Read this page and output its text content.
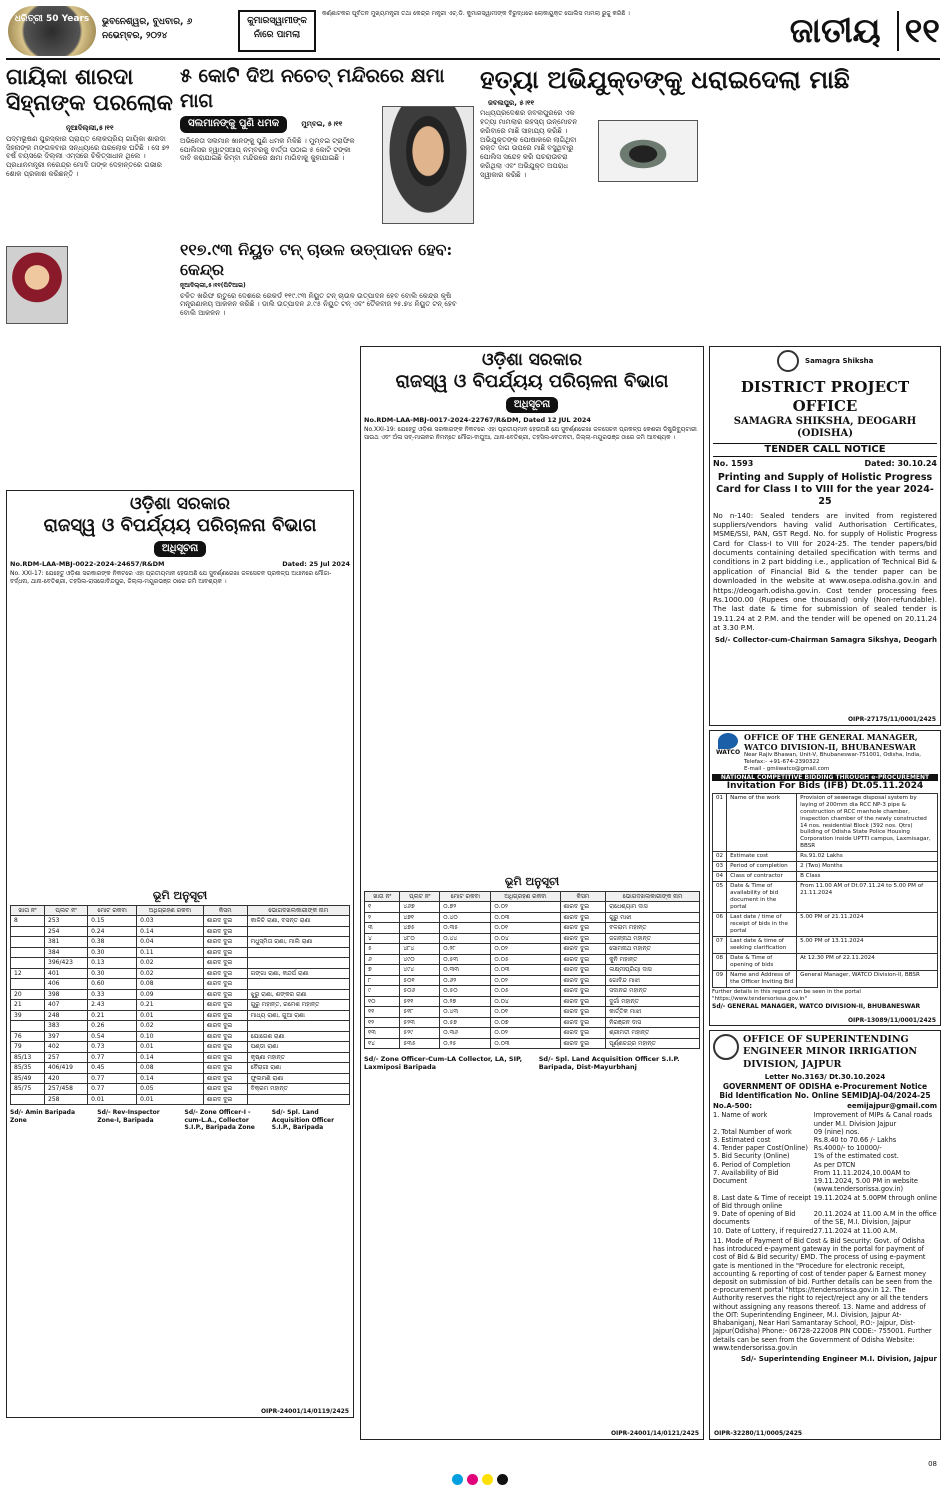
ଧରିତ୍ରୀ 50 Years	ଭୁବନେଶ୍ୱର, ବୁଧବାର, ୬ ନଭେମ୍ବର, ୨୦୨୪
କୁମାରସ୍ୱାମୀଙ୍କ ନାଁରେ ପାମଲା
କର୍ଣ୍ଣାଟକର ପୂର୍ବତନ ମୁଖ୍ୟମନ୍ତ୍ରୀ ତଥା କେନ୍ଦ୍ର ମନ୍ତ୍ରୀ ଏଚ୍.ଡି. କୁମାରସ୍ୱାମୀଙ୍କ ବିରୁଦ୍ଧରେ ଲୋକାୟୁକ୍ତ ପୋଲିସ ମାମଲା ରୁଜୁ କରିଛି ।	ଜାତୀୟ ୧୧
ଗାୟିକା ଶାରଦା ସିହ୍ନାଙ୍କ ପରଲୋକ
ନୂଆଦିଲ୍ଲୀ,୫।୧୧
ପଦ୍ମଭୂଷଣ ପୁରସ୍କାର ପ୍ରାପ୍ତ ଲୋକପ୍ରିୟ ଗାୟିକା ଶାରଦା ସିହ୍ନାଙ୍କ ମଙ୍ଗଳବାର ସନ୍ଧ୍ୟାରେ ପରଲୋକ ଘଟିଛି । ସେ ୭୨ ବର୍ଷ ବୟସରେ ଦିଲ୍ଲୀ ଏମ୍ସରେ ଚିକିତ୍ସାଧୀନ ଥିଲେ । ପ୍ରଧାନମନ୍ତ୍ରୀ ନରେନ୍ଦ୍ର ମୋଦି ତାଙ୍କ ଦେହାନ୍ତରେ ଗଭୀର ଶୋକ ପ୍ରକାଶ କରିଛନ୍ତି ।
୫ କୋଟି ଦିଅ ନଚେତ୍ ମନ୍ଦିରରେ କ୍ଷମା ମାଗ
ସଲମାନଙ୍କୁ ପୁଣି ଧମକ	ମୁମ୍ବଇ, ୫।୧୧
ଅଭିନେତା ସଲମାନ ଖାନଙ୍କୁ ପୁଣି ଧମକ ମିଳିଛି । ମୁମ୍ବଇ ଟ୍ରାଫିକ ପୋଲିସର ହ୍ୱାଟ୍ସଆପ୍ ନମ୍ବରକୁ ବାର୍ତ୍ତା ପଠାଇ ୫ କୋଟି ଟଙ୍କା ଦାବି କରାଯାଇଛି କିମ୍ବା ମନ୍ଦିରରେ କ୍ଷମା ମାଗିବାକୁ କୁହାଯାଇଛି ।
୧୧୭.୯୩ ନିୟୁତ ଟନ୍ ଚାଉଳ ଉତ୍ପାଦନ ହେବ: କେନ୍ଦ୍ର
ନୂଆଦିଲ୍ଲୀ,୫।୧୧(ପିଟିଆଇ)
ଚଳିତ ଖରିଫ ଋତୁରେ ଦେଶରେ ରେକର୍ଡ ୧୧୯.୯୩ ନିୟୁତ ଟନ୍ ଚାଉଳ ଉତ୍ପାଦନ ହେବ ବୋଲି କେନ୍ଦ୍ର କୃଷି ମନ୍ତ୍ରଣାଳୟ ଆକଳନ କରିଛି । ଡାଲି ଉତ୍ପାଦନ ୬.୯୫ ନିୟୁତ ଟନ୍ ଏବଂ ତୈଳବୀଜ ୨୫.୭୪ ନିୟୁତ ଟନ୍ ହେବ ବୋଲି ଆକଳନ ।
ହତ୍ୟା ଅଭିଯୁକ୍ତଙ୍କୁ ଧରାଇଦେଲା ମାଛି
ଜବଲପୁର, ୫।୧୧
ମଧ୍ୟପ୍ରଦେଶର ଜବଲପୁରରେ ଏକ ହତ୍ୟା ମାମଲାର ରହସ୍ୟ ଉନ୍ମୋଚନ କରିବାରେ ମାଛି ସାହାଯ୍ୟ କରିଛି । ଅଭିଯୁକ୍ତଙ୍କ ପୋଷାକରେ ଲାଗିଥିବା ରକ୍ତ ଦାଗ ଉପରେ ମାଛି ବସୁଥିବାରୁ ପୋଲିସ ସନ୍ଦେହ କରି ପଚରାଉଚରା କରିଥିଲା ଏବଂ ଅଭିଯୁକ୍ତ ଅପରାଧ ସ୍ୱୀକାର କରିଛି ।
ଓଡ଼ିଶା ସରକାର
ରାଜସ୍ୱ ଓ ବିପର୍ଯ୍ୟୟ ପରିଚାଳନା ବିଭାଗ
ଅଧିସୂଚନା
No.RDM-LAA-MBJ-0022-2024-24657/R&DM	Dated: 25 Jul 2024
No. XXI-17: ଯେହେତୁ ଓଡ଼ିଶା ସରକାରଙ୍କ ନିକଟରେ ଏହା ପ୍ରତୀୟମାନ ହେଉଅଛି ଯେ ସୁବର୍ଣ୍ଣରେଖା ଜଳସେଚନ ପ୍ରକଳ୍ପ ଅଧୀନରେ ମୌଜା-ବର୍ଦ୍ଧନା, ଥାନା-ବେତିଶ୍ରୀ, ତହସିଲ-ରାସଗୋବିନ୍ଦପୁର, ଜିଲ୍ଲା-ମୟୂରଭଞ୍ଜ ଠାରେ ଜମି ଆବଶ୍ୟକ ।
ଭୂମି ଅନୁସୂଚୀ
ଖାତା ନଂ	ପ୍ଲଟ ନଂ	ମୋଟ ରକବା	ଅଧିଗ୍ରହଣ ରକବା	କିସମ	ଭୋଗଦଖଲକାରୀଙ୍କ ନାମ
8	253	0.15	0.03	ଶାରଦ ଦୁଇ	କାଳିଚି ରାଣା, ବସନ୍ତ ରାଣା
	254	0.24	0.14	ଶାରଦ ଦୁଇ	
	381	0.38	0.04	ଶାରଦ ଦୁଇ	ମଧୁସ୍ମିତା ରାଣା, ମାଲି ରାଣା
	384	0.30	0.11	ଶାରଦ ଦୁଇ	
	396/423	0.13	0.02	ଶାରଦ ଦୁଇ	
12	401	0.30	0.02	ଶାରଦ ଦୁଇ	ଗଙ୍ଗା ରାଣା, କନ୍ଦର୍ପ ରାଣା
	406	0.60	0.08	ଶାରଦ ଦୁଇ	
20	398	0.33	0.09	ଶାରଦ ଦୁଇ	ଝୁରୁ ରାଣା, ଶଙ୍କର ରାଣା
21	407	2.43	0.21	ଶାରଦ ଦୁଇ	ଗୁରୁ ମହାନ୍ତ, ରମେଶ ମହାନ୍ତ
39	248	0.21	0.01	ଶାରଦ ଦୁଇ	ମାଧ୍ୟ ରାଣା, ଗୁଆ ରାଣା
	383	0.26	0.02	ଶାରଦ ଦୁଇ	
76	397	0.54	0.10	ଶାରଦ ଦୁଇ	ଯୋଗେଶ ରାଣା
79	402	0.73	0.01	ଶାରଦ ଦୁଇ	ପଣ୍ଡା ରାଣା
85/13	257	0.77	0.14	ଶାରଦ ଦୁଇ	କୃଷ୍ଣା ମହାନ୍ତ
85/35	406/419	0.45	0.08	ଶାରଦ ଦୁଇ	ବୈରାଗୀ ରାଣା
85/49	420	0.77	0.14	ଶାରଦ ଦୁଇ	ଫୁଲମଣି ରାଣା
85/75	257/458	0.77	0.05	ଶାରଦ ଦୁଇ	ବିକ୍ରମ ମହାନ୍ତ
	258	0.01	0.01	ଶାରଦ ଦୁଇ	
Sd/- Amin Baripada Zone
Sd/- Rev-Inspector Zone-I, Baripada
Sd/- Zone Officer-I -cum-L.A., Collector S.I.P., Baripada Zone
Sd/- Spl. Land Acquisition Officer S.I.P., Baripada
OIPR-24001/14/0119/2425
ଓଡ଼ିଶା ସରକାର
ରାଜସ୍ୱ ଓ ବିପର୍ଯ୍ୟୟ ପରିଚାଳନା ବିଭାଗ
ଅଧିସୂଚନା
No.RDM-LAA-MBJ-0017-2024-22767/R&DM, Dated 12 JUL 2024
No.XXI-19: ଯେହେତୁ ଓଡ଼ିଶା ସରକାରଙ୍କ ନିକଟରେ ଏହା ପ୍ରତୀୟମାନ ହେଉଅଛି ଯେ ସୁବର୍ଣ୍ଣରେଖା ଜଳସେଚନ ପ୍ରକଳ୍ପ କେଶରୀ ଡିଷ୍ଟ୍ରିବ୍ୟୁଟାରୀ ସାଉଥ ଏବଂ ଅଁଳା ସବ୍-ମାଇନର ନିମନ୍ତେ ମୌଜା-ବାଘୁଆ, ଥାନା-ବେତିଶ୍ରୀ, ତହସିଲ-ବେତନଟୀ, ଜିଲ୍ଲା-ମୟୂରଭଞ୍ଜ ଠାରେ ଜମି ଆବଶ୍ୟକ ।
ଭୂମି ଅନୁସୂଚୀ
ଖାତା ନଂ	ପ୍ଲଟ ନଂ	ମୋଟ ରକବା	ଅଧିଗ୍ରହଣ ରକବା	କିସମ	ଭୋଗଦଖଲକାରୀଙ୍କ ନାମ
୧	୪୬୭	୦.୭୨	୦.୦୨	ଶାରଦ ଦୁଇ	ରାଧେଶ୍ୟାମ ଦାସ
୨	୪୭୧	୦.୪୦	୦.୦୩	ଶାରଦ ଦୁଇ	ଗୁରୁ ମାଝୀ
୩	୪୭୫	୦.୩୫	୦.୦୧	ଶାରଦ ଦୁଇ	ବଳରାମ ମହାନ୍ତ
୪	୪୮୦	୦.୪୪	୦.୦୪	ଶାରଦ ଦୁଇ	ଜଗନ୍ନାଥ ମହାନ୍ତ
୫	୪୮୪	୦.୨୮	୦.୦୨	ଶାରଦ ଦୁଇ	ସୋମନାଥ ମହାନ୍ତ
୬	୪୯୦	୦.୫୩	୦.୦୫	ଶାରଦ ଦୁଇ	କୁନି ମହାନ୍ତ
୭	୪୯୪	୦.୩୩	୦.୦୩	ଶାରଦ ଦୁଇ	ଲକ୍ଷ୍ମୀପ୍ରିୟା ଦାସ
୮	୫୦୧	୦.୬୨	୦.୦୨	ଶାରଦ ଦୁଇ	ଗୋବିନ୍ଦ ମାଝୀ
୯	୫୦୬	୦.୫୦	୦.୦୫	ଶାରଦ ଦୁଇ	ସଦାନନ୍ଦ ମହାନ୍ତ
୧୦	୫୧୧	୦.୨୭	୦.୦୪	ଶାରଦ ଦୁଇ	ଦୁର୍ଗା ମହାନ୍ତ
୧୧	୫୧୮	୦.୪୩	୦.୦୧	ଶାରଦ ଦୁଇ	କାର୍ତ୍ତିକ ମାଝୀ
୧୨	୫୨୩	୦.୫୭	୦.୦୭	ଶାରଦ ଦୁଇ	ନିରଞ୍ଜନ ଦାସ
୧୩	୫୨୯	୦.୩୬	୦.୦୨	ଶାରଦ ଦୁଇ	ଶ୍ରୀମତୀ ମହାନ୍ତ
୧୪	୫୩୫	୦.୨୫	୦.୦୩	ଶାରଦ ଦୁଇ	ପୂର୍ଣ୍ଣଚନ୍ଦ୍ର ମହାନ୍ତ
Sd/- Zone Officer-Cum-LA Collector, LA, SIP, Laxmiposi Baripada
Sd/- Spl. Land Acquisition Officer S.I.P. Baripada, Dist-Mayurbhanj
OIPR-24001/14/0121/2425
Samagra Shiksha
DISTRICT PROJECT OFFICE
SAMAGRA SHIKSHA, DEOGARH (ODISHA)
TENDER CALL NOTICE
No. 1593	Dated: 30.10.24
Printing and Supply of Holistic Progress Card for Class I to VIII for the year 2024-25
No n-140: Sealed tenders are invited from registered suppliers/vendors having valid Authorisation Certificates, MSME/SSI, PAN, GST Regd. No. for supply of Holistic Progress Card for Class-I to VIII for 2024-25. The tender papers/bid documents containing detailed specification with terms and conditions in 2 part bidding i.e., application of Technical Bid & application of Financial Bid & the tender paper can be downloaded in the website at www.osepa.odisha.gov.in and https://deogarh.odisha.gov.in. Cost tender processing fees Rs.1000.00 (Rupees one thousand) only (Non-refundable). The last date & time for submission of sealed tender is 19.11.24 at 2 P.M. and the tender will be opened on 20.11.24 at 3.30 P.M.
Sd/- Collector-cum-Chairman Samagra Sikshya, Deogarh
OIPR-27175/11/0001/2425
WATCO
OFFICE OF THE GENERAL MANAGER, WATCO DIVISION-II, BHUBANESWAR
Near Rajiv Bhawan, Unit-V, Bhubaneswar-751001, Odisha, India, Telefax:- +91-674-2390322
E-mail - gmiiwatco@gmail.com
NATIONAL COMPETITIVE BIDDING THROUGH e-PROCUREMENT
Invitation For Bids (IFB) Dt.05.11.2024
01	Name of the work	Provision of sewerage disposal system by laying of 200mm dia RCC NP-3 pipe & construction of RCC manhole chamber, inspection chamber of the newly constructed 14 nos. residential Block (392 nos. Qtrs) building of Odisha State Police Housing Corporation inside UPTTI campus, Laxmisagar, BBSR
02	Estimate cost	Rs.91.02 Lakhs
03	Period of completion	2 (Two) Months
04	Class of contractor	B Class
05	Date & Time of availability of bid document in the portal	From 11.00 AM of Dt.07.11.24 to 5.00 PM of 21.11.2024
06	Last date / time of receipt of bids in the portal	5.00 PM of 21.11.2024
07	Last date & time of seeking clarification	5.00 PM of 13.11.2024
08	Date & Time of opening of bids	At 12.30 PM of 22.11.2024
09	Name and Address of the Officer Inviting Bid	General Manager, WATCO Division-II, BBSR
Further details in this regard can be seen in the portal "https://www.tendersorissa.gov.in"
Sd/- GENERAL MANAGER, WATCO DIVISION-II, BHUBANESWAR
OIPR-13089/11/0001/2425
OFFICE OF SUPERINTENDING ENGINEER MINOR IRRIGATION DIVISION, JAJPUR
Letter No.3163/ Dt.30.10.2024
GOVERNMENT OF ODISHA e-Procurement Notice
Bid Identification No. Online SEMIDJAJ-04/2024-25
No.A-500:	eemijajpur@gmail.com
1. Name of work	Improvement of MIPs & Canal roads under M.I. Division Jajpur
2. Total Number of work	09 (nine) nos.
3. Estimated cost	Rs.8.40 to 70.66 /- Lakhs
4. Tender paper Cost(Online) Rs.4000/- to 10000/-
5. Bid Security (Online)	1% of the estimated cost.
6. Period of Completion	As per DTCN
7. Availability of Bid Document
From 11.11.2024,10.00AM to 19.11.2024, 5.00 PM in website (www.tendersorissa.gov.in)
8. Last date & Time of receipt of Bid through online
19.11.2024 at 5.00PM through online
9. Date of opening of Bid documents
20.11.2024 at 11.00 A.M in the office of the SE, M.I. Division, Jajpur
10. Date of Lottery, if required 27.11.2024 at 11.00 A.M.
11. Mode of Payment of Bid Cost & Bid Security: Govt. of Odisha has introduced e-payment gateway in the portal for payment of cost of Bid & Bid security/ EMD. The process of using e-payment gate is mentioned in the "Procedure for electronic receipt, accounting & reporting of cost of tender paper & Earnest money deposit on submission of bid. Further details can be seen from the e-procurement portal "https://tendersorissa.gov.in 12. The Authority reserves the right to reject/reject any or all the tenders without assigning any reasons thereof. 13. Name and address of the OIT: Superintending Engineer, M.I. Division, Jajpur At-Bhabaniganj, Near Hari Samantaray School, P.O:- Jajpur, Dist-Jajpur(Odisha) Phone:- 06728-222008 PIN CODE:- 755001. Further details can be seen from the Government of Odisha Website: www.tendersorissa.gov.in
Sd/- Superintending Engineer M.I. Division, Jajpur
OIPR-32280/11/0005/2425
08
